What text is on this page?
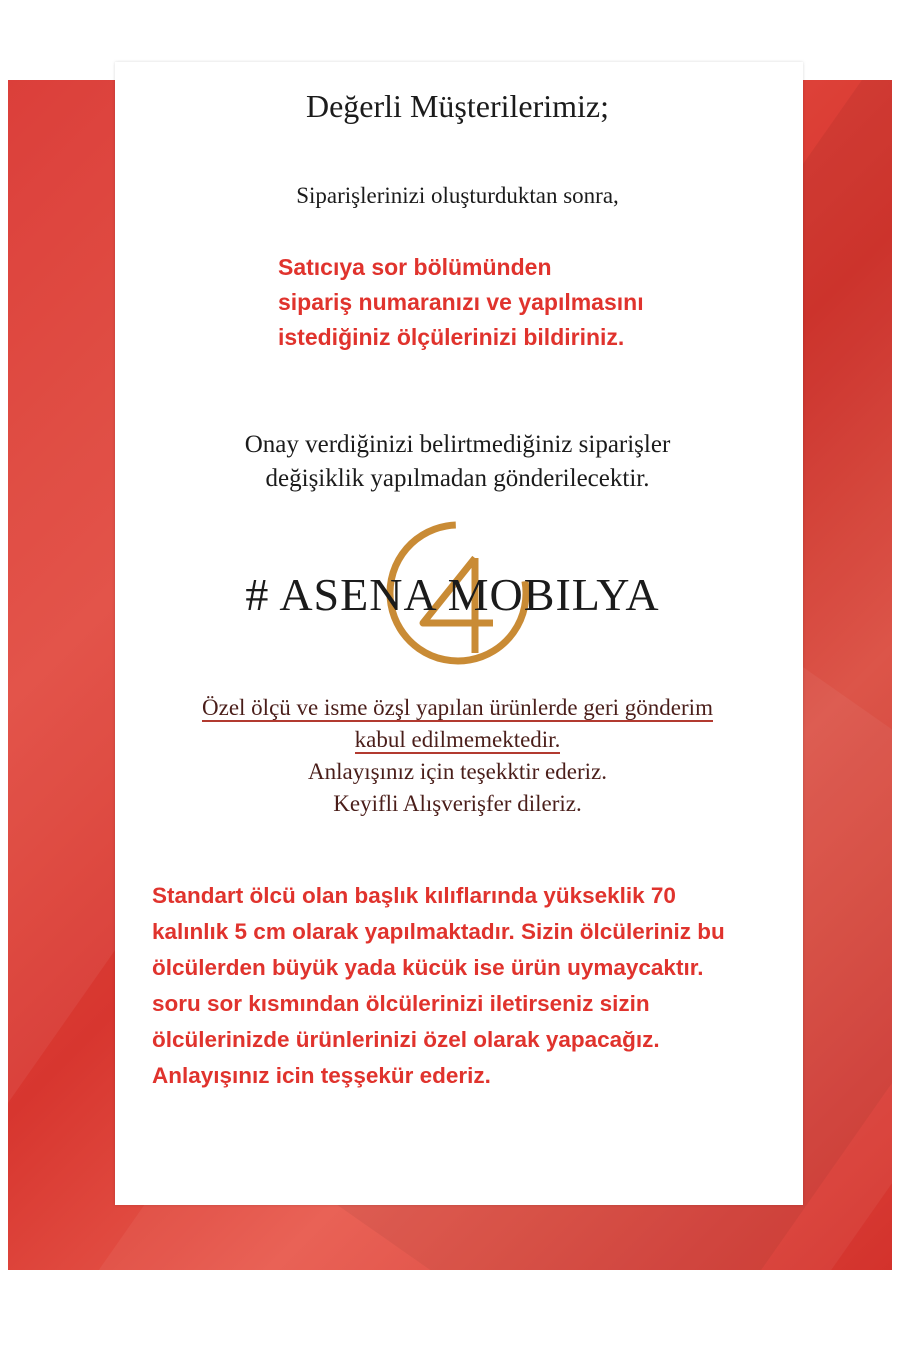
Değerli Müşterilerimiz;
Siparişlerinizi oluşturduktan sonra,
Satıcıya sor bölümünden
sipariş numaranızı ve yapılmasını
istediğiniz ölçülerinizi bildiriniz.
Onay verdiğinizi belirtmediğiniz siparişler
değişiklik yapılmadan gönderilecektir.
# ASENA MOBILYA
Özel ölçü ve isme özşl yapılan ürünlerde geri gönderim
kabul edilmemektedir.
Anlayışınız için teşekktir ederiz.
Keyifli Alışverişfer dileriz.
Standart ölcü olan başlık kılıflarında yükseklik 70
kalınlık 5 cm olarak yapılmaktadır. Sizin ölcüleriniz bu
ölcülerden büyük yada kücük ise ürün uymaycaktır.
soru sor kısmından ölcülerinizi iletirseniz sizin
ölcülerinizde ürünlerinizi özel olarak yapacağız.
Anlayışınız icin teşşekür ederiz.
